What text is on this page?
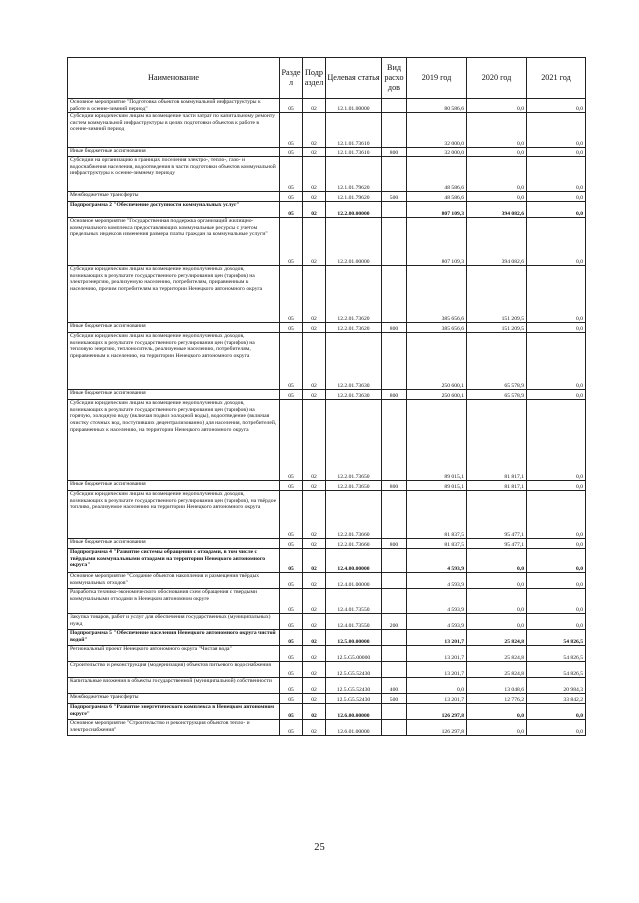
Наименование	Разде л	Подр аздел	Целевая статья	Вид расхо дов	2019 год	2020 год	2021 год
Основное мероприятие "Подготовка объектов коммунальной инфраструктуры к работе в осенне-зимний период"	05	02	12.1.01.00000		80 586,6	0,0	0,0
Субсидии юридическим лицам на возмещение части затрат по капитальному ремонту систем коммунальной инфраструктуры в целях подготовки объектов к работе в осенне-зимний период	05	02	12.1.01.73610		32 000,0	0,0	0,0
Иные бюджетные ассигнования	05	02	12.1.01.73610	800	32 000,0	0,0	0,0
Субсидии на организацию в границах поселения электро-, тепло-, газо- и водоснабжения населения, водоотведения в части подготовки объектов коммунальной инфраструктуры к осенне-зимнему периоду	05	02	12.1.01.79620		48 586,6	0,0	0,0
Межбюджетные трансферты	05	02	12.1.01.79620	500	48 586,6	0,0	0,0
Подпрограмма 2 "Обеспечение доступности коммунальных услуг"	05	02	12.2.00.00000		807 109,3	394 082,6	0,0
Основное мероприятие "Государственная поддержка организаций жилищно-коммунального комплекса предоставляющих коммунальные ресурсы с учетом предельных индексов изменения размера платы граждан за коммунальные услуги"	05	02	12.2.01.00000		807 109,3	394 082,6	0,0
Субсидии юридическим лицам на возмещение недополученных доходов, возникающих в результате государственного регулирования цен (тарифов) на электроэнергию, реализуемую населению, потребителям, приравненным к населению, прочим потребителям на территории Ненецкого автономного округа	05	02	12.2.01.73620		385 656,6	151 209,5	0,0
Иные бюджетные ассигнования	05	02	12.2.01.73620	800	385 656,6	151 209,5	0,0
Субсидии юридическим лицам на возмещение недополученных доходов, возникающих в результате государственного регулирования цен (тарифов) на тепловую энергию, теплоноситель, реализуемые населению, потребителям, приравненным к населению, на территории Ненецкого автономного округа	05	02	12.2.01.73630		250 600,1	65 578,9	0,0
Иные бюджетные ассигнования	05	02	12.2.01.73630	800	250 600,1	65 578,9	0,0
Субсидии юридическим лицам на возмещение недополученных доходов, возникающих в результате государственного регулирования цен (тарифов) на горячую, холодную воду (включая подвоз холодной воды), водоотведение (включая очистку сточных вод, поступивших децентрализованно) для населения, потребителей, приравненных к населению, на территории Ненецкого автономного округа	05	02	12.2.01.73650		89 015,1	81 817,1	0,0
Иные бюджетные ассигнования	05	02	12.2.01.73650	800	89 015,1	81 817,1	0,0
Субсидии юридическим лицам на возмещение недополученных доходов, возникающих в результате государственного регулирования цен (тарифов), на твёрдое топливо, реализуемое населению на территории Ненецкого автономного округа	05	02	12.2.01.73660		81 837,5	95 477,1	0,0
Иные бюджетные ассигнования	05	02	12.2.01.73660	800	81 837,5	95 477,1	0,0
Подпрограмма 4 "Развитие системы обращения с отходами, в том числе с твёрдыми коммунальными отходами на территории Ненецкого автономного округа"	05	02	12.4.00.00000		4 593,9	0,0	0,0
Основное мероприятие "Создание объектов накопления и размещения твёрдых коммунальных отходов"	05	02	12.4.01.00000		4 593,9	0,0	0,0
Разработка технико-экономического обоснования схем обращения с твердыми коммунальными отходами в Ненецком автономном округе	05	02	12.4.01.73550		4 593,9	0,0	0,0
Закупка товаров, работ и услуг для обеспечения государственных (муниципальных) нужд	05	02	12.4.01.73550	200	4 593,9	0,0	0,0
Подпрограмма 5 "Обеспечение населения Ненецкого автономного округа чистой водой"	05	02	12.5.00.00000		13 201,7	25 824,8	54 826,5
Региональный проект Ненецкого автономного округа "Чистая вода"	05	02	12.5.G5.00000		13 201,7	25 824,8	54 826,5
Строительство и реконструкция (модернизация) объектов питьевого водоснабжения	05	02	12.5.G5.52430		13 201,7	25 824,8	54 826,5
Капитальные вложения в объекты государственной (муниципальной) собственности	05	02	12.5.G5.52430	400	0,0	13 048,6	20 984,3
Межбюджетные трансферты	05	02	12.5.G5.52430	500	13 201,7	12 776,2	33 842,2
Подпрограмма 6 "Развитие энергетического комплекса в Ненецком автономном округе"	05	02	12.6.00.00000		126 297,8	0,0	0,0
Основное мероприятие "Строительство и реконструкция объектов тепло- и электроснабжения"	05	02	12.6.01.00000		126 297,8	0,0	0,0
25
